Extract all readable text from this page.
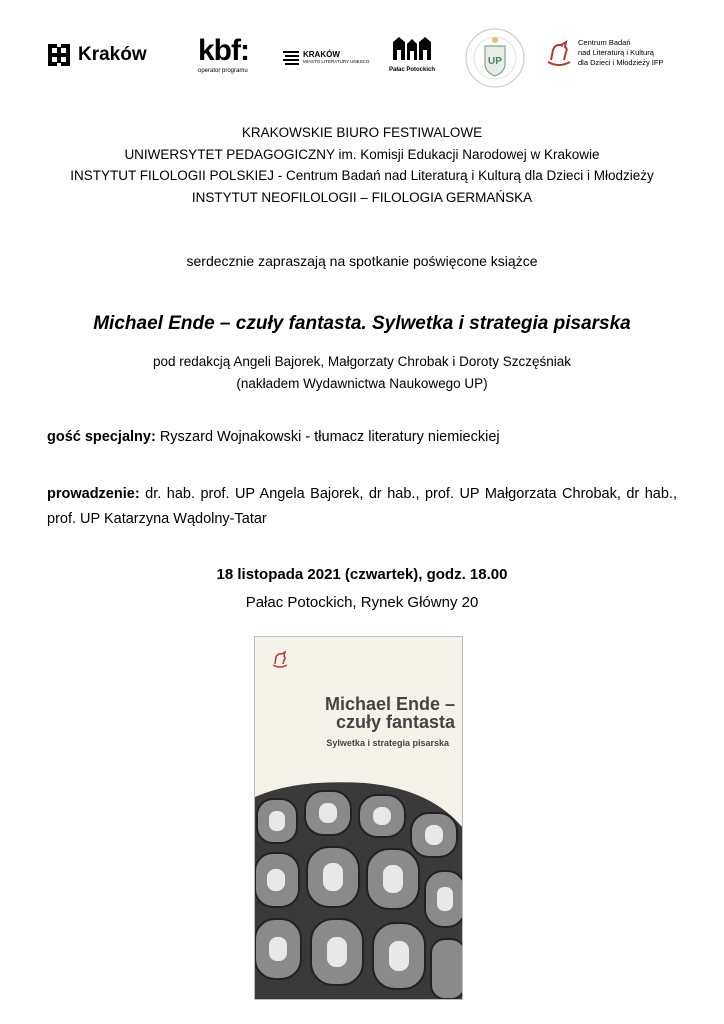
Kraków kbf:
operator programu
KRAKÓW
MIASTO LITERATURY UNESCO
Pałac Potockich
UP
Centrum Badań
nad Literaturą i Kulturą
dla Dzieci i Młodzieży IFP
KRAKOWSKIE BIURO FESTIWALOWE
UNIWERSYTET PEDAGOGICZNY im. Komisji Edukacji Narodowej w Krakowie
INSTYTUT FILOLOGII POLSKIEJ - Centrum Badań nad Literaturą i Kulturą dla Dzieci i Młodzieży
INSTYTUT NEOFILOLOGII – FILOLOGIA GERMAŃSKA
serdecznie zapraszają na spotkanie poświęcone książce
Michael Ende – czuły fantasta. Sylwetka i strategia pisarska
pod redakcją Angeli Bajorek, Małgorzaty Chrobak i Doroty Szczęśniak
(nakładem Wydawnictwa Naukowego UP)
gość specjalny: Ryszard Wojnakowski - tłumacz literatury niemieckiej
prowadzenie: dr. hab. prof. UP Angela Bajorek, dr hab., prof. UP Małgorzata Chrobak, dr hab., prof. UP Katarzyna Wądolny-Tatar
18 listopada 2021 (czwartek), godz. 18.00
Pałac Potockich, Rynek Główny 20
Michael Ende –
czuły fantasta
Sylwetka i strategia pisarska
